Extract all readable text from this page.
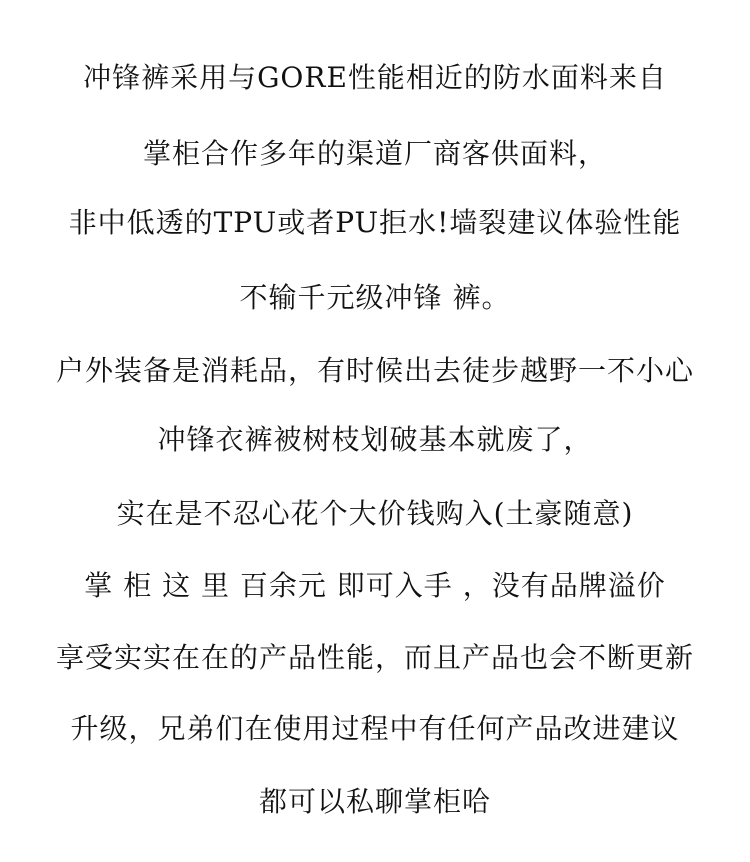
冲锋裤采用与GORE性能相近的防水面料来自
掌柜合作多年的渠道厂商客供面料，
非中低透的TPU或者PU拒水!墙裂建议体验性能
不输千元级冲锋 裤。
户外装备是消耗品，有时候出去徒步越野一不小心
冲锋衣裤被树枝划破基本就废了，
实在是不忍心花个大价钱购入(土豪随意)
掌 柜 这 里 百余元 即可入手 ，没有品牌溢价
享受实实在在的产品性能，而且产品也会不断更新
升级，兄弟们在使用过程中有任何产品改进建议
都可以私聊掌柜哈
